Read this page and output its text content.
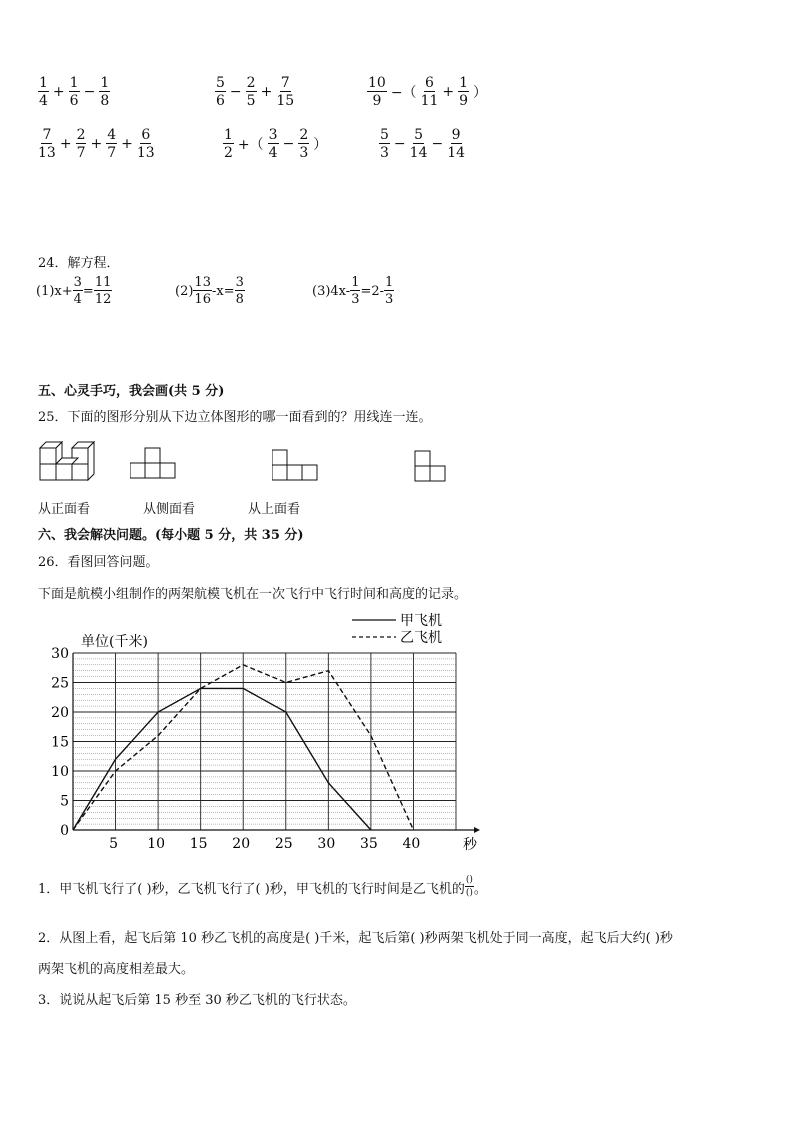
$\frac{1}{4} + \frac{1}{6} - \frac{1}{8}$	$\frac{5}{6} - \frac{2}{5} + \frac{7}{15}$	$\frac{10}{9}$ −（ $\frac{6}{11} + \frac{1}{9}$ ）
$\frac{7}{13} + \frac{2}{7} + \frac{4}{7} + \frac{6}{13}$	$\frac{1}{2}$ +（ $\frac{3}{4} - \frac{2}{3}$ ）	$\frac{5}{3} - \frac{5}{14} - \frac{9}{14}$
24．解方程．
$(1)x+ \frac{3}{4} = \frac{11}{12}$	$(2) \frac{13}{16} -x= \frac{3}{8}$	$(3)4x- \frac{1}{3} =2- \frac{1}{3}$
五、心灵手巧，我会画(共 5 分)
25．下面的图形分别从下边立体图形的哪一面看到的？用线连一连。
从正面看	从侧面看	从上面看
六、我会解决问题。(每小题 5 分，共 35 分)
26．看图回答问题。
下面是航模小组制作的两架航模飞机在一次飞行中飞行时间和高度的记录。
0
5
10
15
20
25
30
5 10 15 20 25 30 35 40
单位(千米)
秒
甲飞机
乙飞机
1．甲飞机飞行了( )秒，乙飞机飞行了( )秒，甲飞机的飞行时间是乙飞机的 $\frac{()}{()}$ 。
2．从图上看，起飞后第 10 秒乙飞机的高度是( )千米，起飞后第( )秒两架飞机处于同一高度，起飞后大约( )秒
两架飞机的高度相差最大。
3．说说从起飞后第 15 秒至 30 秒乙飞机的飞行状态。
